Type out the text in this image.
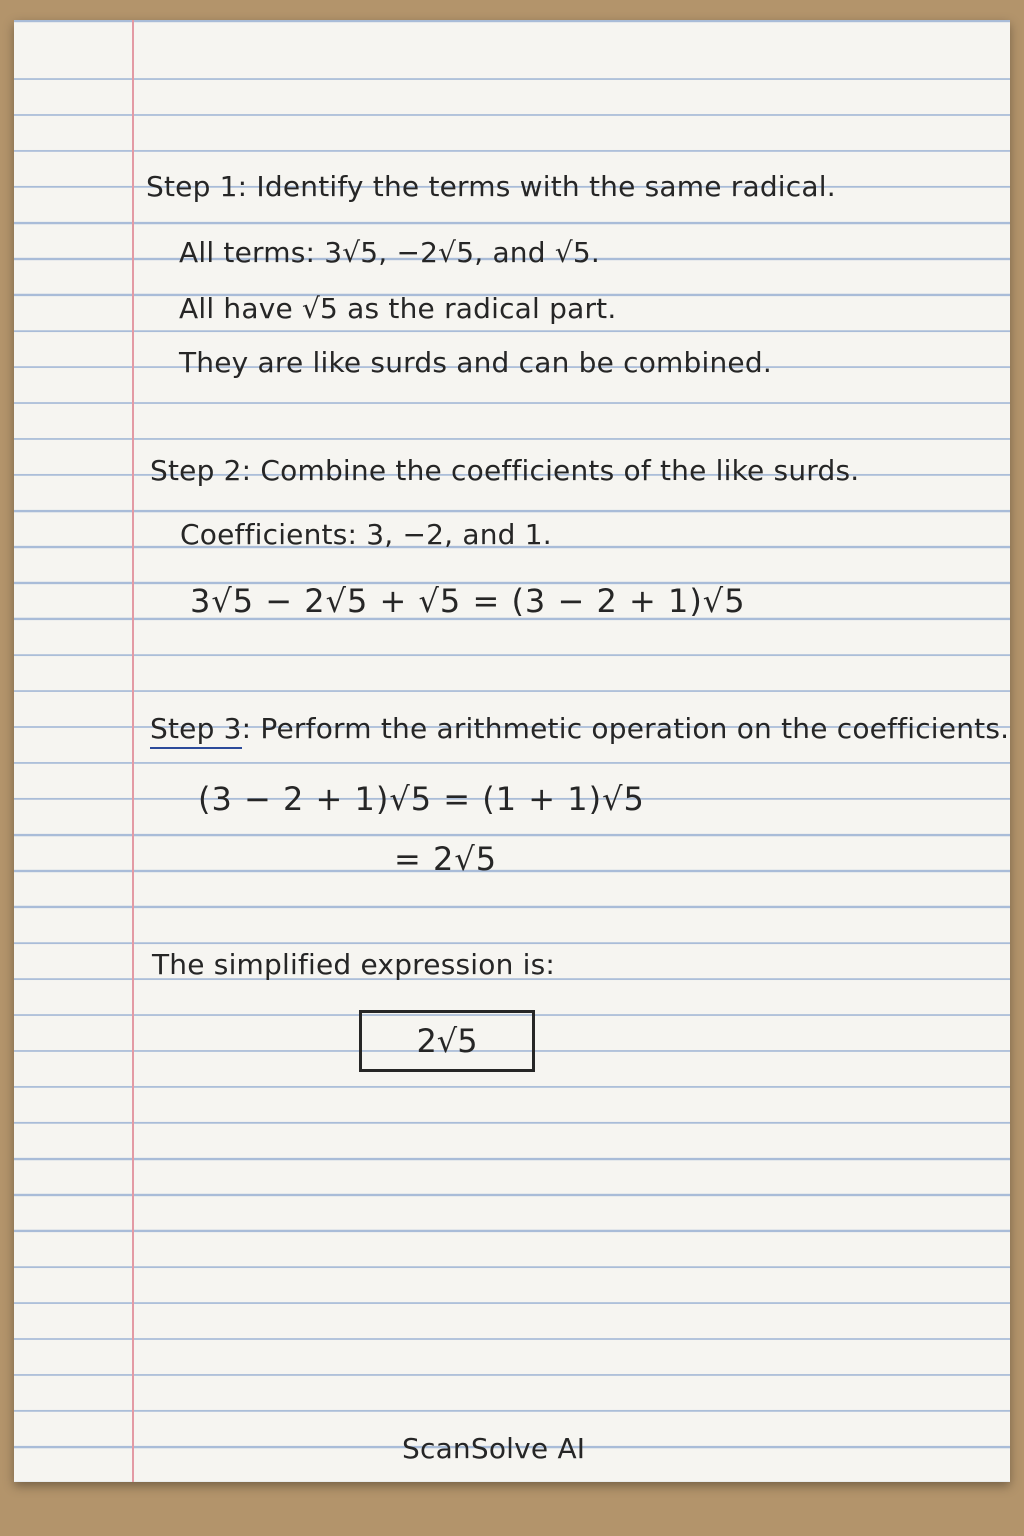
Step 1: Identify the terms with the same radical.
All terms: 3√5, −2√5, and √5.
All have √5 as the radical part.
They are like surds and can be combined.
Step 2: Combine the coefficients of the like surds.
Coefficients: 3, −2, and 1.
3√5 − 2√5 + √5 = (3 − 2 + 1)√5
Step 3: Perform the arithmetic operation on the coefficients.
(3 − 2 + 1)√5 = (1 + 1)√5
= 2√5
The simplified expression is:
2√5
ScanSolve AI
